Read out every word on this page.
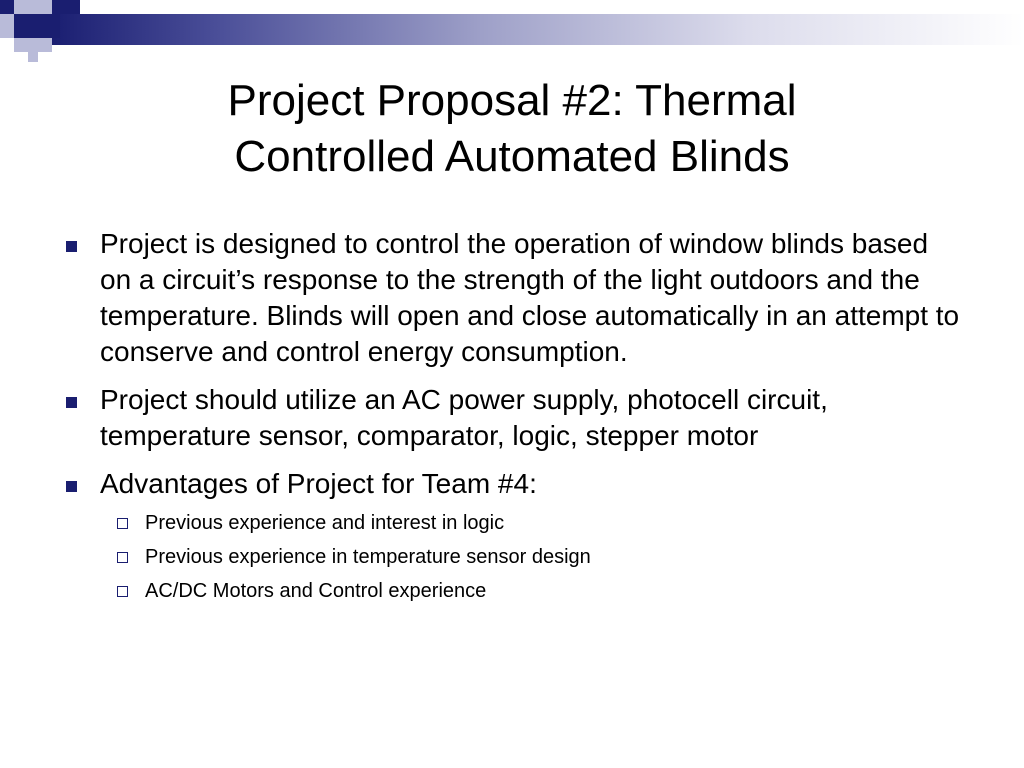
Project Proposal #2: Thermal
Controlled Automated Blinds
Project is designed to control the operation of window blinds based on a circuit’s response to the strength of the light outdoors and the temperature. Blinds will open and close automatically in an attempt to conserve and control energy consumption.
Project should utilize an AC power supply, photocell circuit, temperature sensor, comparator, logic, stepper motor
Advantages of Project for Team #4:
Previous experience and interest in logic
Previous experience in temperature sensor design
AC/DC Motors and Control experience
